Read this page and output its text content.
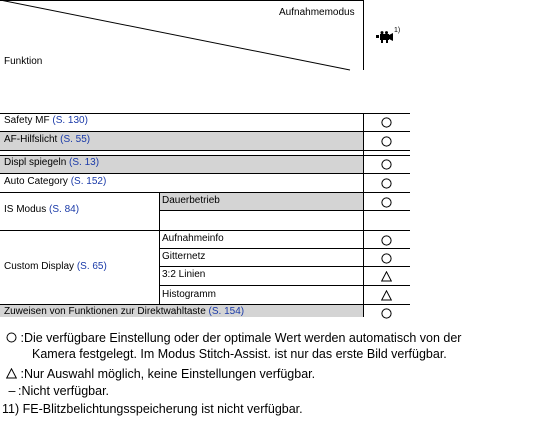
Aufnahmemodus
Funktion
1)
Safety MF (S. 130)
AF-Hilfslicht (S. 55)
Displ spiegeln (S. 13)
Auto Category (S. 152)
IS Modus (S. 84)
Dauerbetrieb
Custom Display (S. 65)
Aufnahmeinfo
Gitternetz
3:2 Linien
Histogramm
Zuweisen von Funktionen zur Direktwahltaste (S. 154)
:Die verfügbare Einstellung oder der optimale Wert werden automatisch von der
Kamera festgelegt. Im Modus Stitch-Assist. ist nur das erste Bild verfügbar.
:Nur Auswahl möglich, keine Einstellungen verfügbar.
– :Nicht verfügbar.
11) FE-Blitzbelichtungsspeicherung ist nicht verfügbar.
